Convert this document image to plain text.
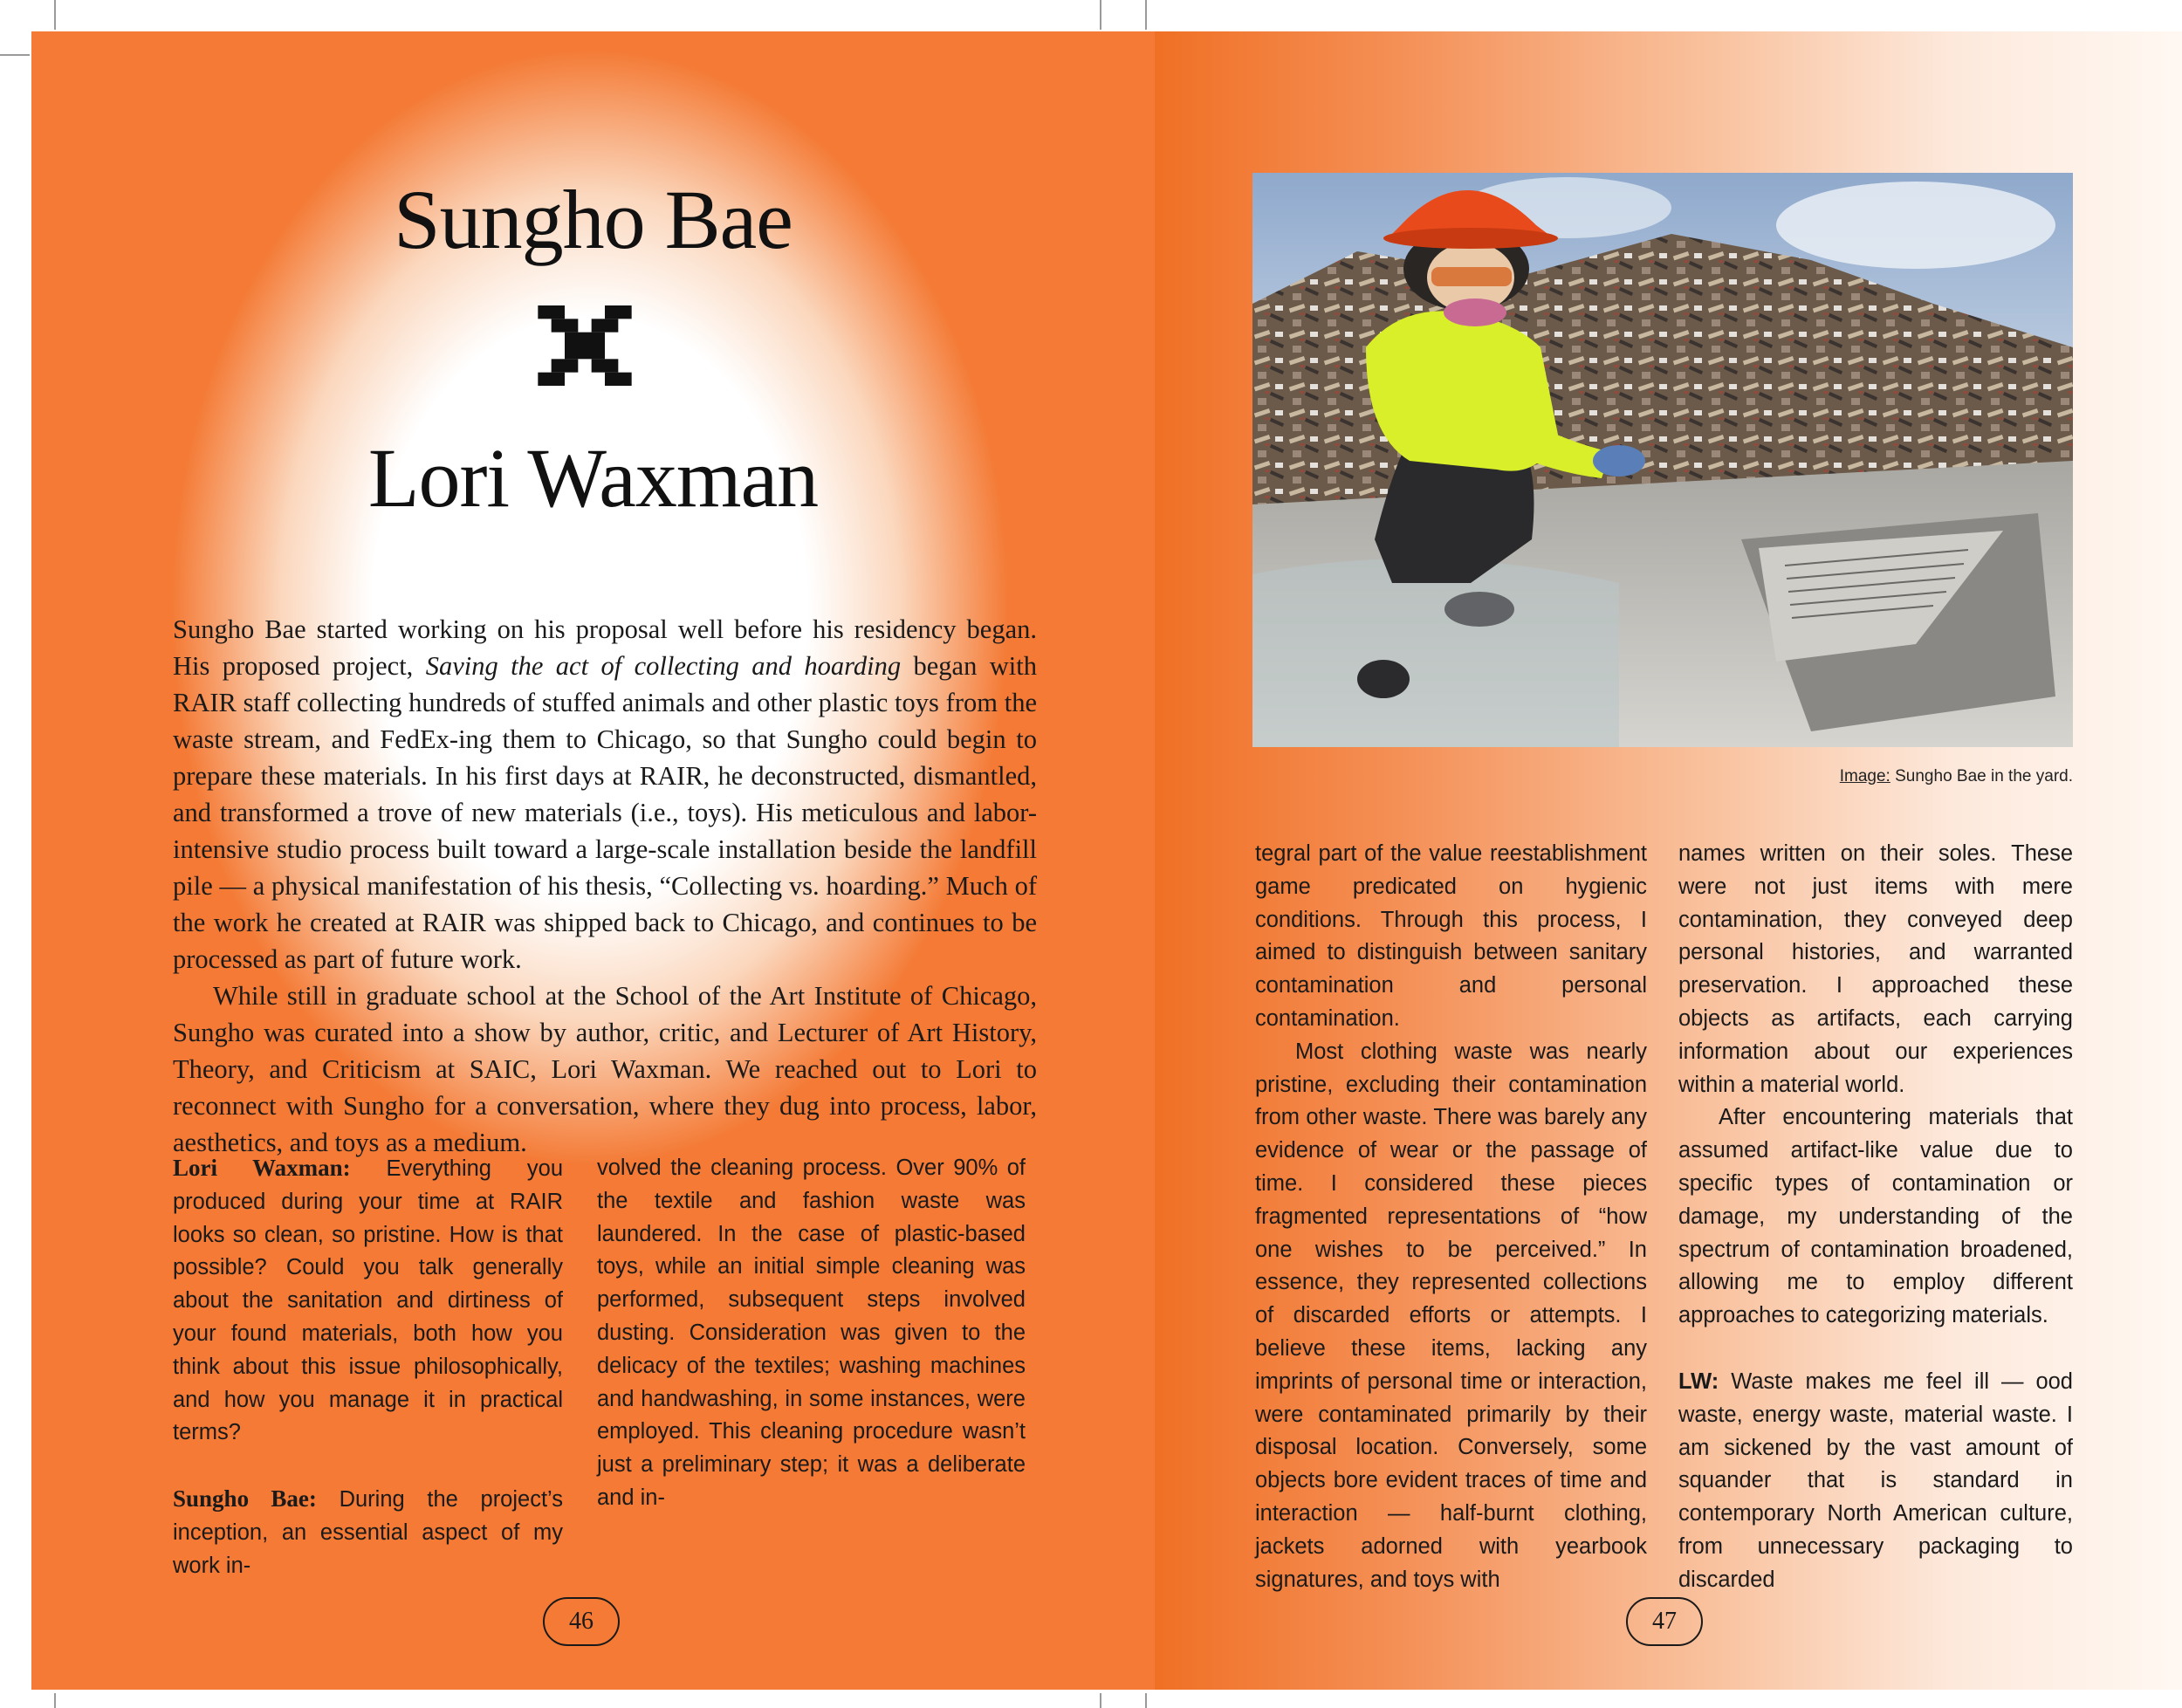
Sungho Bae
Lori Waxman

Sungho Bae started working on his proposal well before his residency began. His proposed project, Saving the act of collecting and hoarding began with RAIR staff collecting hundreds of stuffed animals and other plastic toys from the waste stream, and FedEx-ing them to Chicago, so that Sungho could begin to prepare these materials. In his first days at RAIR, he deconstructed, dismantled, and transformed a trove of new materials (i.e., toys). His meticulous and labor-intensive studio process built toward a large-scale installation beside the landfill pile — a physical manifestation of his thesis, “Collecting vs. hoarding.” Much of the work he created at RAIR was shipped back to Chicago, and continues to be processed as part of future work.

While still in graduate school at the School of the Art Institute of Chicago, Sungho was curated into a show by author, critic, and Lecturer of Art History, Theory, and Criticism at SAIC, Lori Waxman. We reached out to Lori to reconnect with Sungho for a conversation, where they dug into process, labor, aesthetics, and toys as a medium.

Lori Waxman: Everything you produced during your time at RAIR looks so clean, so pristine. How is that possible? Could you talk generally about the sanitation and dirtiness of your found materials, both how you think about this issue philosophically, and how you manage it in practical terms?

Sungho Bae: During the project’s inception, an essential aspect of my work in-

volved the cleaning process. Over 90% of the textile and fashion waste was laundered. In the case of plastic-based toys, while an initial simple cleaning was performed, subsequent steps involved dusting. Consideration was given to the delicacy of the textiles; washing machines and handwashing, in some instances, were employed. This cleaning procedure wasn’t just a preliminary step; it was a deliberate and in-

46
Image: Sungho Bae in the yard.

tegral part of the value reestablishment game predicated on hygienic conditions. Through this process, I aimed to distinguish between sanitary contamination and personal contamination.

Most clothing waste was nearly pristine, excluding their contamination from other waste. There was barely any evidence of wear or the passage of time. I considered these pieces fragmented representations of “how one wishes to be perceived.” In essence, they represented collections of discarded efforts or attempts. I believe these items, lacking any imprints of personal time or interaction, were contaminated primarily by their disposal location. Conversely, some objects bore evident traces of time and interaction — half-burnt clothing, jackets adorned with yearbook signatures, and toys with

names written on their soles. These were not just items with mere contamination, they conveyed deep personal histories, and warranted preservation. I approached these objects as artifacts, each carrying information about our experiences within a material world.

After encountering materials that assumed artifact-like value due to specific types of contamination or damage, my understanding of the spectrum of contamination broadened, allowing me to employ different approaches to categorizing materials.

LW: Waste makes me feel ill — ood waste, energy waste, material waste. I am sickened by the vast amount of squander that is standard in contemporary North American culture, from unnecessary packaging to discarded

47
